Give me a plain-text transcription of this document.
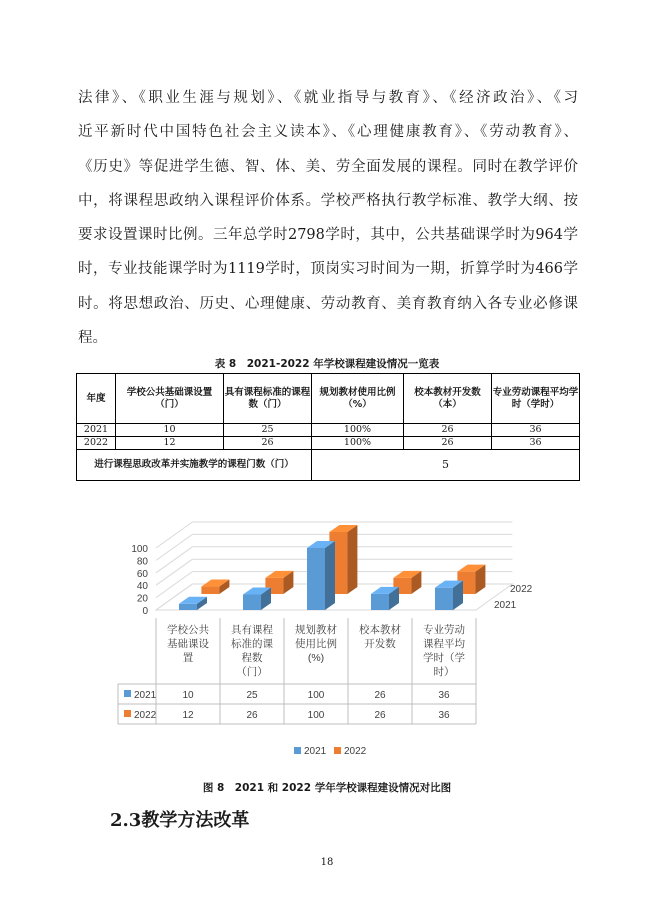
法律》、《职业生涯与规划》、《就业指导与教育》、《经济政治》、《习
近平新时代中国特色社会主义读本》、《心理健康教育》、《劳动教育》、
《历史》等促进学生德、智、体、美、劳全面发展的课程。同时在教学评价
中，将课程思政纳入课程评价体系。学校严格执行教学标准、教学大纲、按
要求设置课时比例。三年总学时2798学时，其中，公共基础课学时为964学
时，专业技能课学时为1119学时，顶岗实习时间为一期，折算学时为466学
时。将思想政治、历史、心理健康、劳动教育、美育教育纳入各专业必修课
程。
表 8　2021-2022 年学校课程建设情况一览表
年度	学校公共基础课设置（门）	具有课程标准的课程数（门）	规划教材使用比例（%）	校本教材开发数（本）	专业劳动课程平均学时（学时）
2021	10	25	100%	26	36
2022	12	26	100%	26	36
进行课程思政改革并实施教学的课程门数（门）			5		
0
20
40
60
80
100
2022
2021
学校公共基础课设置
具有课程标准的课程数（门）
规划教材使用比例(%)
校本教材开发数
专业劳动课程平均学时（学时）
2021	10	25	100	26	36
2022	12	26	100	26	36
2021 2022
图 8　2021 和 2022 学年学校课程建设情况对比图
2.3教学方法改革
18
